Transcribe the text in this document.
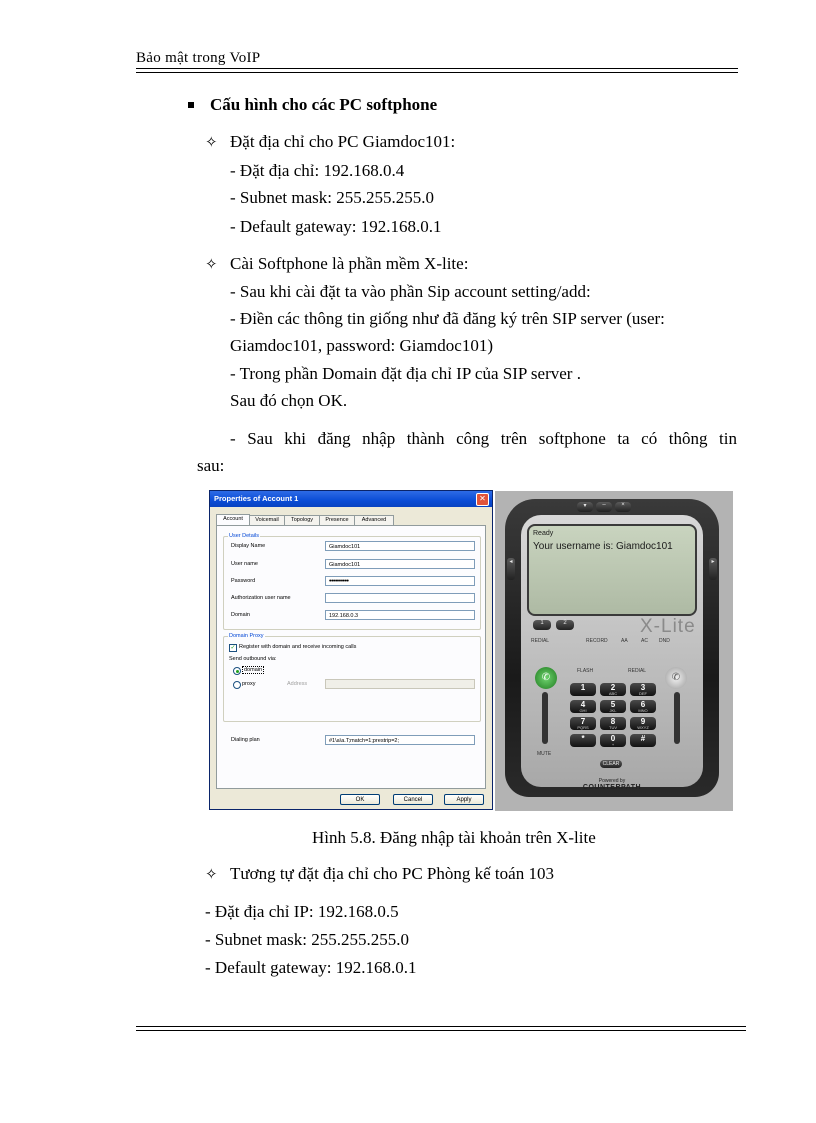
Bảo mật trong VoIP
Cấu hình cho các PC softphone
✧ Đặt địa chỉ cho PC Giamdoc101:
- Đặt địa chỉ: 192.168.0.4
- Subnet mask: 255.255.255.0
- Default gateway: 192.168.0.1
✧ Cài Softphone là phần mềm X-lite:
- Sau khi cài đặt ta vào phần Sip account setting/add:
- Điền các thông tin giống như đã đăng ký trên SIP server (user:
Giamdoc101, password: Giamdoc101)
- Trong phần Domain đặt địa chỉ IP của SIP server .
Sau đó chọn OK.
- Sau khi đăng nhập thành công trên softphone ta có thông tin
sau:
Properties of Account 1	✕
Account	Voicemail	Topology	Presence	Advanced
User Details
Display Name	Giamdoc101
User name	Giamdoc101
Password	••••••••••
Authorization user name
Domain	192.168.0.3
Domain Proxy
✓ Register with domain and receive incoming calls
Send outbound via:
domain
proxy	Address
Dialing plan	#1\a\a.T;match=1;prestrip=2;
OK	Cancel	Apply
▾	–	×
◂	▸
Ready
Your username is: Giamdoc101
1	2	X-Lite
REDIAL	RECORD	AA	AC DND
✆	✆
FLASH	REDIAL
1	2
ABC
3
DEF
4
GHI
5
JKL
6
MNO
7
PQRS
8
TUV
9
WXYZ
*	0
+
#
MUTE
CLEAR
Powered by
COUNTERPATH
Hình 5.8. Đăng nhập tài khoản trên X-lite
✧ Tương tự đặt địa chỉ cho PC Phòng kế toán 103
- Đặt địa chỉ IP: 192.168.0.5
- Subnet mask: 255.255.255.0
- Default gateway: 192.168.0.1
